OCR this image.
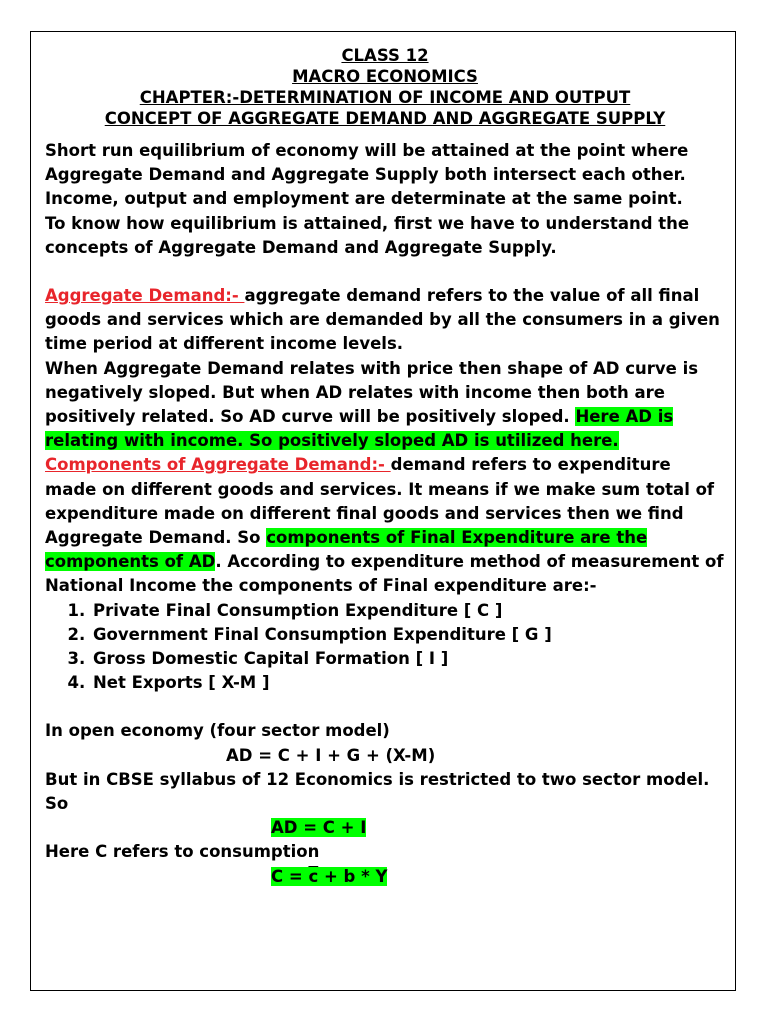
CLASS 12
MACRO ECONOMICS
CHAPTER:-DETERMINATION OF INCOME AND OUTPUT
CONCEPT OF AGGREGATE DEMAND AND AGGREGATE SUPPLY

Short run equilibrium of economy will be attained at the point where Aggregate Demand and Aggregate Supply both intersect each other. Income, output and employment are determinate at the same point.

To know how equilibrium is attained, first we have to understand the concepts of Aggregate Demand and Aggregate Supply.

Aggregate Demand:- aggregate demand refers to the value of all final goods and services which are demanded by all the consumers in a given time period at different income levels.

When Aggregate Demand relates with price then shape of AD curve is negatively sloped. But when AD relates with income then both are positively related. So AD curve will be positively sloped. Here AD is relating with income. So positively sloped AD is utilized here.

Components of Aggregate Demand:- demand refers to expenditure made on different goods and services. It means if we make sum total of expenditure made on different final goods and services then we find Aggregate Demand. So components of Final Expenditure are the components of AD. According to expenditure method of measurement of National Income the components of Final expenditure are:-

1. Private Final Consumption Expenditure [ C ]
2. Government Final Consumption Expenditure [ G ]
3. Gross Domestic Capital Formation [ I ]
4. Net Exports [ X-M ]

In open economy (four sector model)

AD = C + I + G + (X-M)

But in CBSE syllabus of 12 Economics is restricted to two sector model. So

AD = C + I

Here C refers to consumption

$C = \overline{c} + b * Y$
